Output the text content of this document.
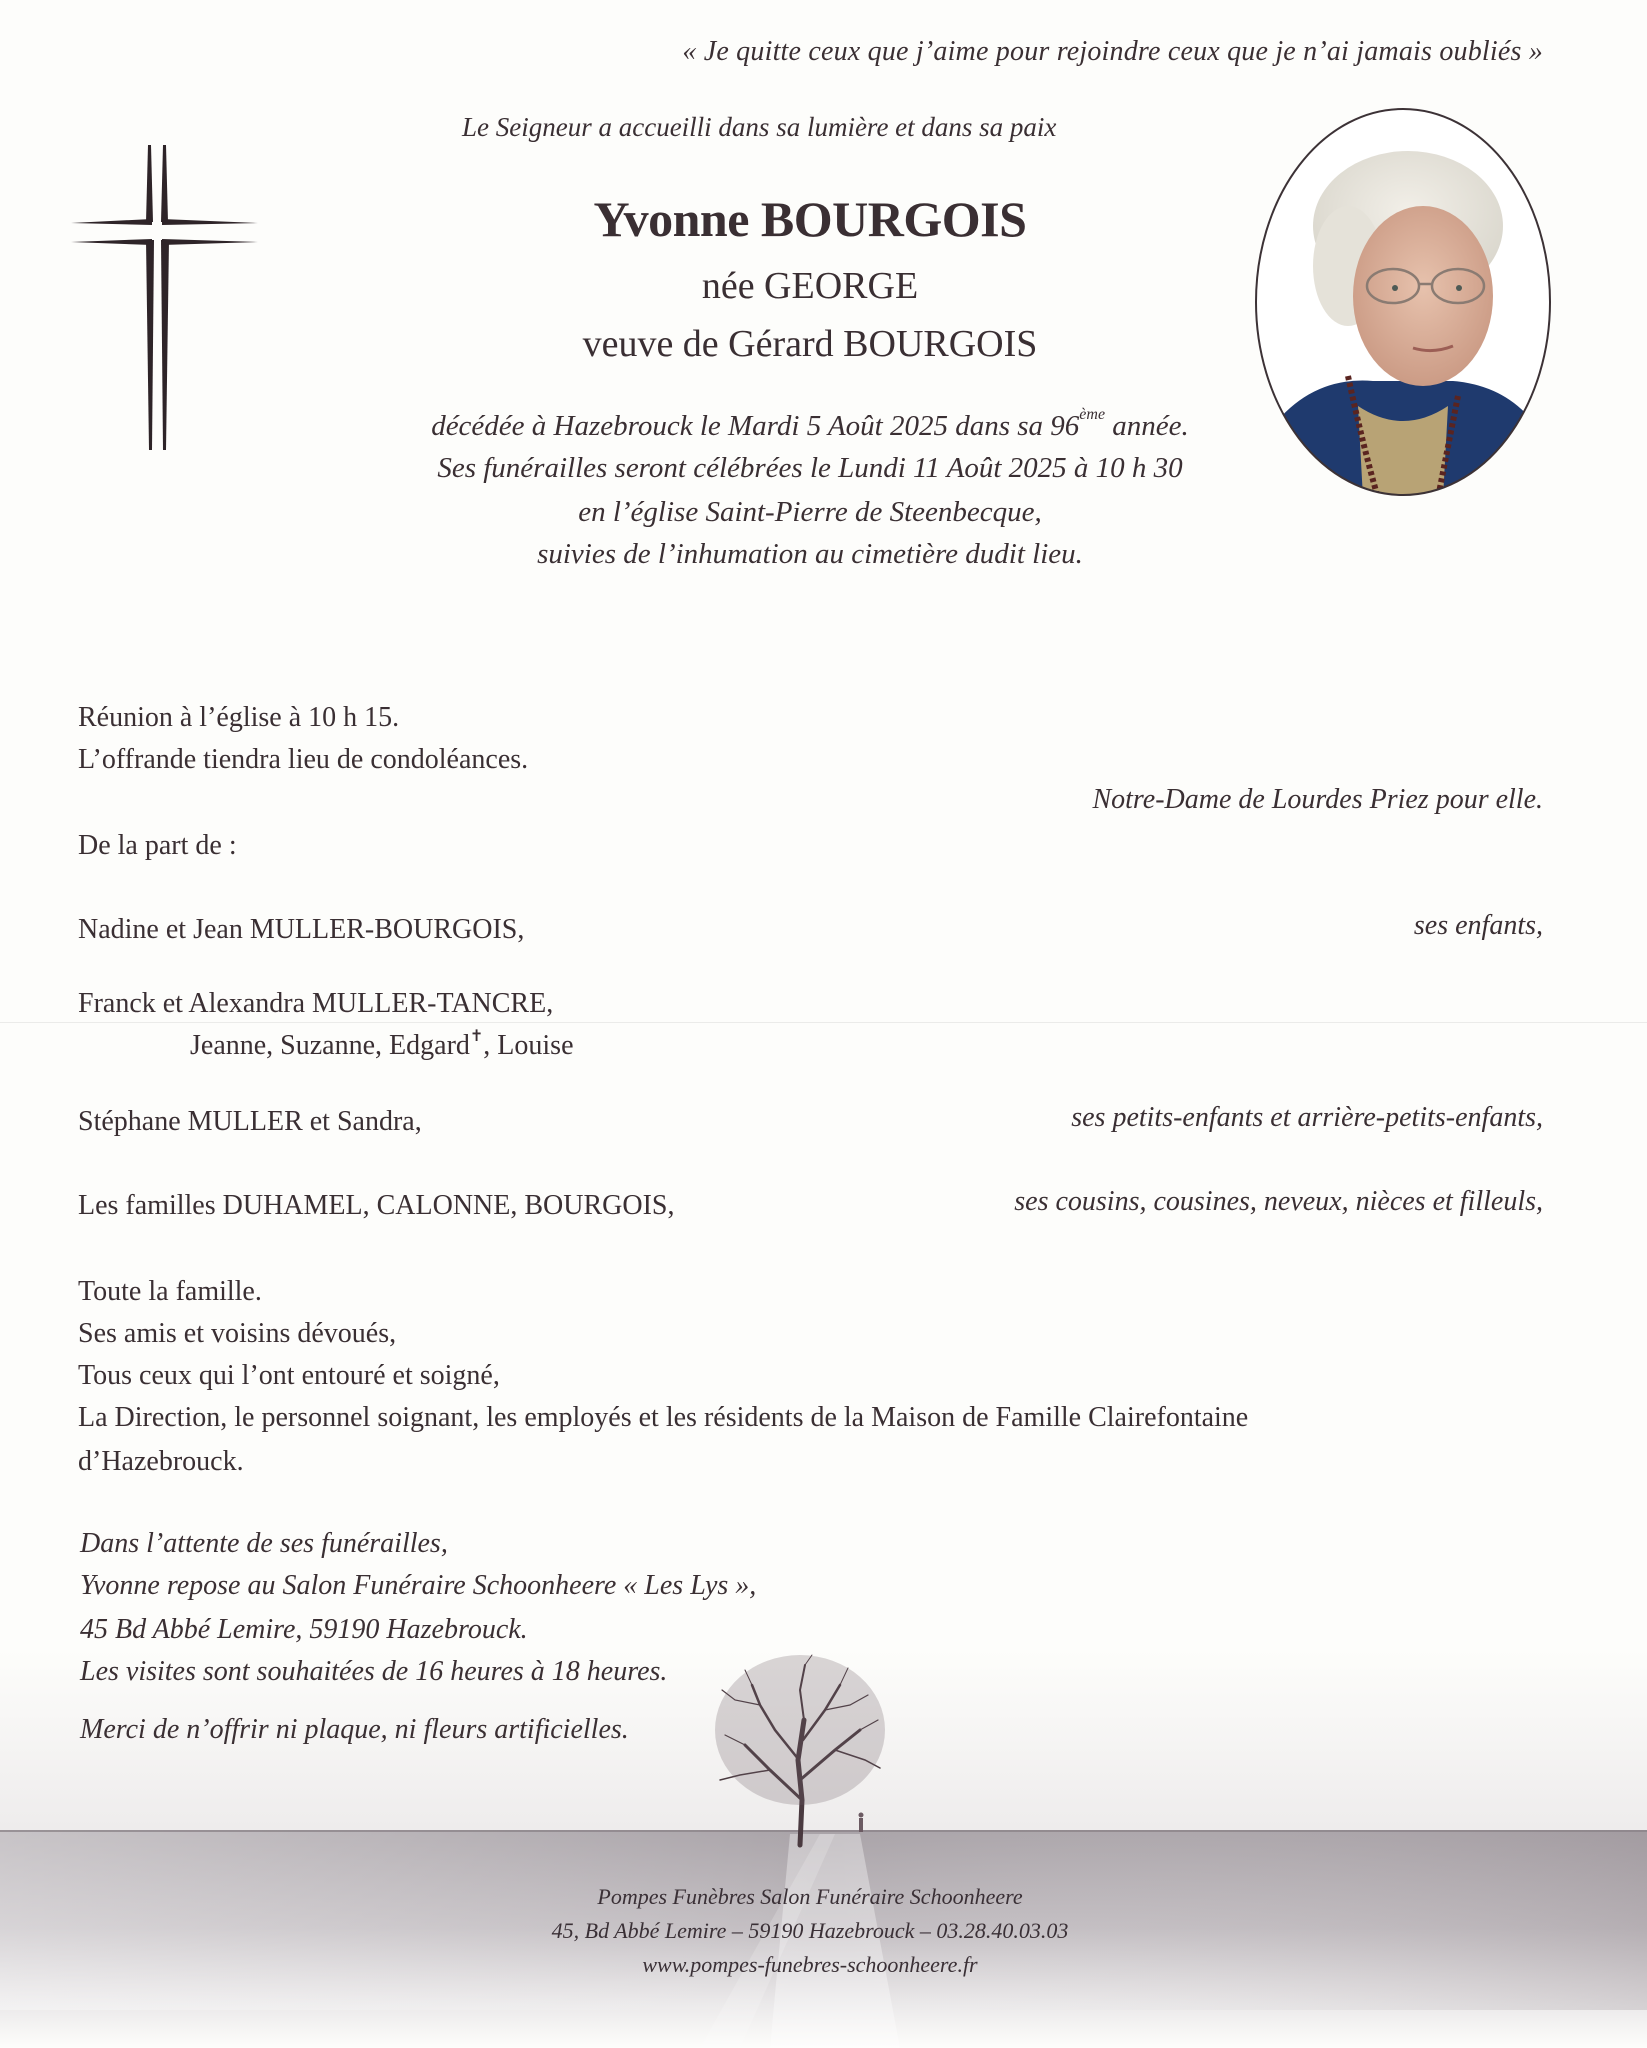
« Je quitte ceux que j’aime pour rejoindre ceux que je n’ai jamais oubliés »
Le Seigneur a accueilli dans sa lumière et dans sa paix
Yvonne BOURGOIS
née GEORGE
veuve de Gérard BOURGOIS
décédée à Hazebrouck le Mardi 5 Août 2025 dans sa 96ème année.
Ses funérailles seront célébrées le Lundi 11 Août 2025 à 10 h 30
en l’église Saint-Pierre de Steenbecque,
suivies de l’inhumation au cimetière dudit lieu.
Réunion à l’église à 10 h 15.
L’offrande tiendra lieu de condoléances.
Notre-Dame de Lourdes Priez pour elle.
De la part de :
Nadine et Jean MULLER-BOURGOIS,	ses enfants,
Franck et Alexandra MULLER-TANCRE,
Jeanne, Suzanne, Edgard✝, Louise
Stéphane MULLER et Sandra,	ses petits-enfants et arrière-petits-enfants,
Les familles DUHAMEL, CALONNE, BOURGOIS,	ses cousins, cousines, neveux, nièces et filleuls,
Toute la famille.
Ses amis et voisins dévoués,
Tous ceux qui l’ont entouré et soigné,
La Direction, le personnel soignant, les employés et les résidents de la Maison de Famille Clairefontaine
d’Hazebrouck.
Dans l’attente de ses funérailles,
Yvonne repose au Salon Funéraire Schoonheere « Les Lys »,
45 Bd Abbé Lemire, 59190 Hazebrouck.
Les visites sont souhaitées de 16 heures à 18 heures.
Merci de n’offrir ni plaque, ni fleurs artificielles.
Pompes Funèbres Salon Funéraire Schoonheere
45, Bd Abbé Lemire – 59190 Hazebrouck – 03.28.40.03.03
www.pompes-funebres-schoonheere.fr
